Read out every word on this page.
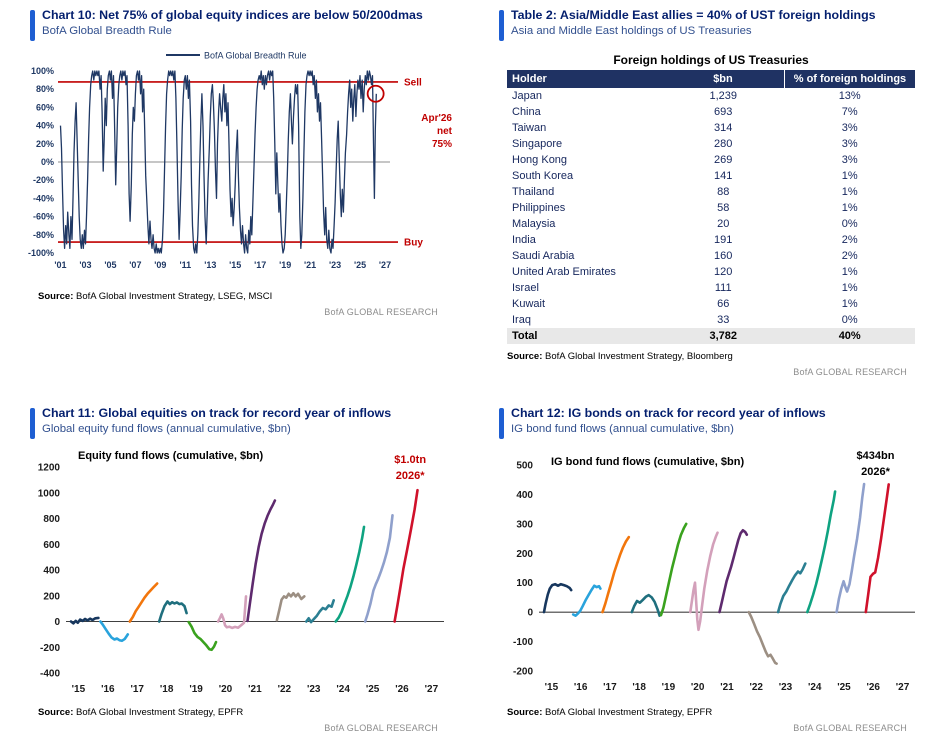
Chart 10: Net 75% of global equity indices are below 50/200dmas
BofA Global Breadth Rule
BofA Global Breadth Rule
Sell
Buy
100%
80%
60%
40%
20%
0%
-20%
-40%
-60%
-80%
-100%
'01 '03 '05 '07 '09 '11 '13 '15 '17 '19 '21 '23 '25 '27
Apr'26
net
75%
Source: BofA Global Investment Strategy, LSEG, MSCI
BofA GLOBAL RESEARCH
Table 2: Asia/Middle East allies = 40% of UST foreign holdings
Asia and Middle East holdings of US Treasuries
Foreign holdings of US Treasuries
Holder	$bn	% of foreign holdings
Japan	1,239	13%
China	693	7%
Taiwan	314	3%
Singapore	280	3%
Hong Kong	269	3%
South Korea	141	1%
Thailand	88	1%
Philippines	58	1%
Malaysia	20	0%
India	191	2%
Saudi Arabia	160	2%
United Arab Emirates	120	1%
Israel	111	1%
Kuwait	66	1%
Iraq	33	0%
Total	3,782	40%
Source: BofA Global Investment Strategy, Bloomberg
BofA GLOBAL RESEARCH
Chart 11: Global equities on track for record year of inflows
Global equity fund flows (annual cumulative, $bn)
Equity fund flows (cumulative, $bn)
1200
1000
800
600
400
200
0
-200
-400
'15 '16 '17 '18 '19 '20 '21 '22 '23 '24 '25 '26 '27
$1.0tn
2026*
Source: BofA Global Investment Strategy, EPFR
BofA GLOBAL RESEARCH
Chart 12: IG bonds on track for record year of inflows
IG bond fund flows (annual cumulative, $bn)
IG bond fund flows (cumulative, $bn)
500
400
300
200
100
0
-100
-200
'15 '16 '17 '18 '19 '20 '21 '22 '23 '24 '25 '26 '27
$434bn
2026*
Source: BofA Global Investment Strategy, EPFR
BofA GLOBAL RESEARCH
